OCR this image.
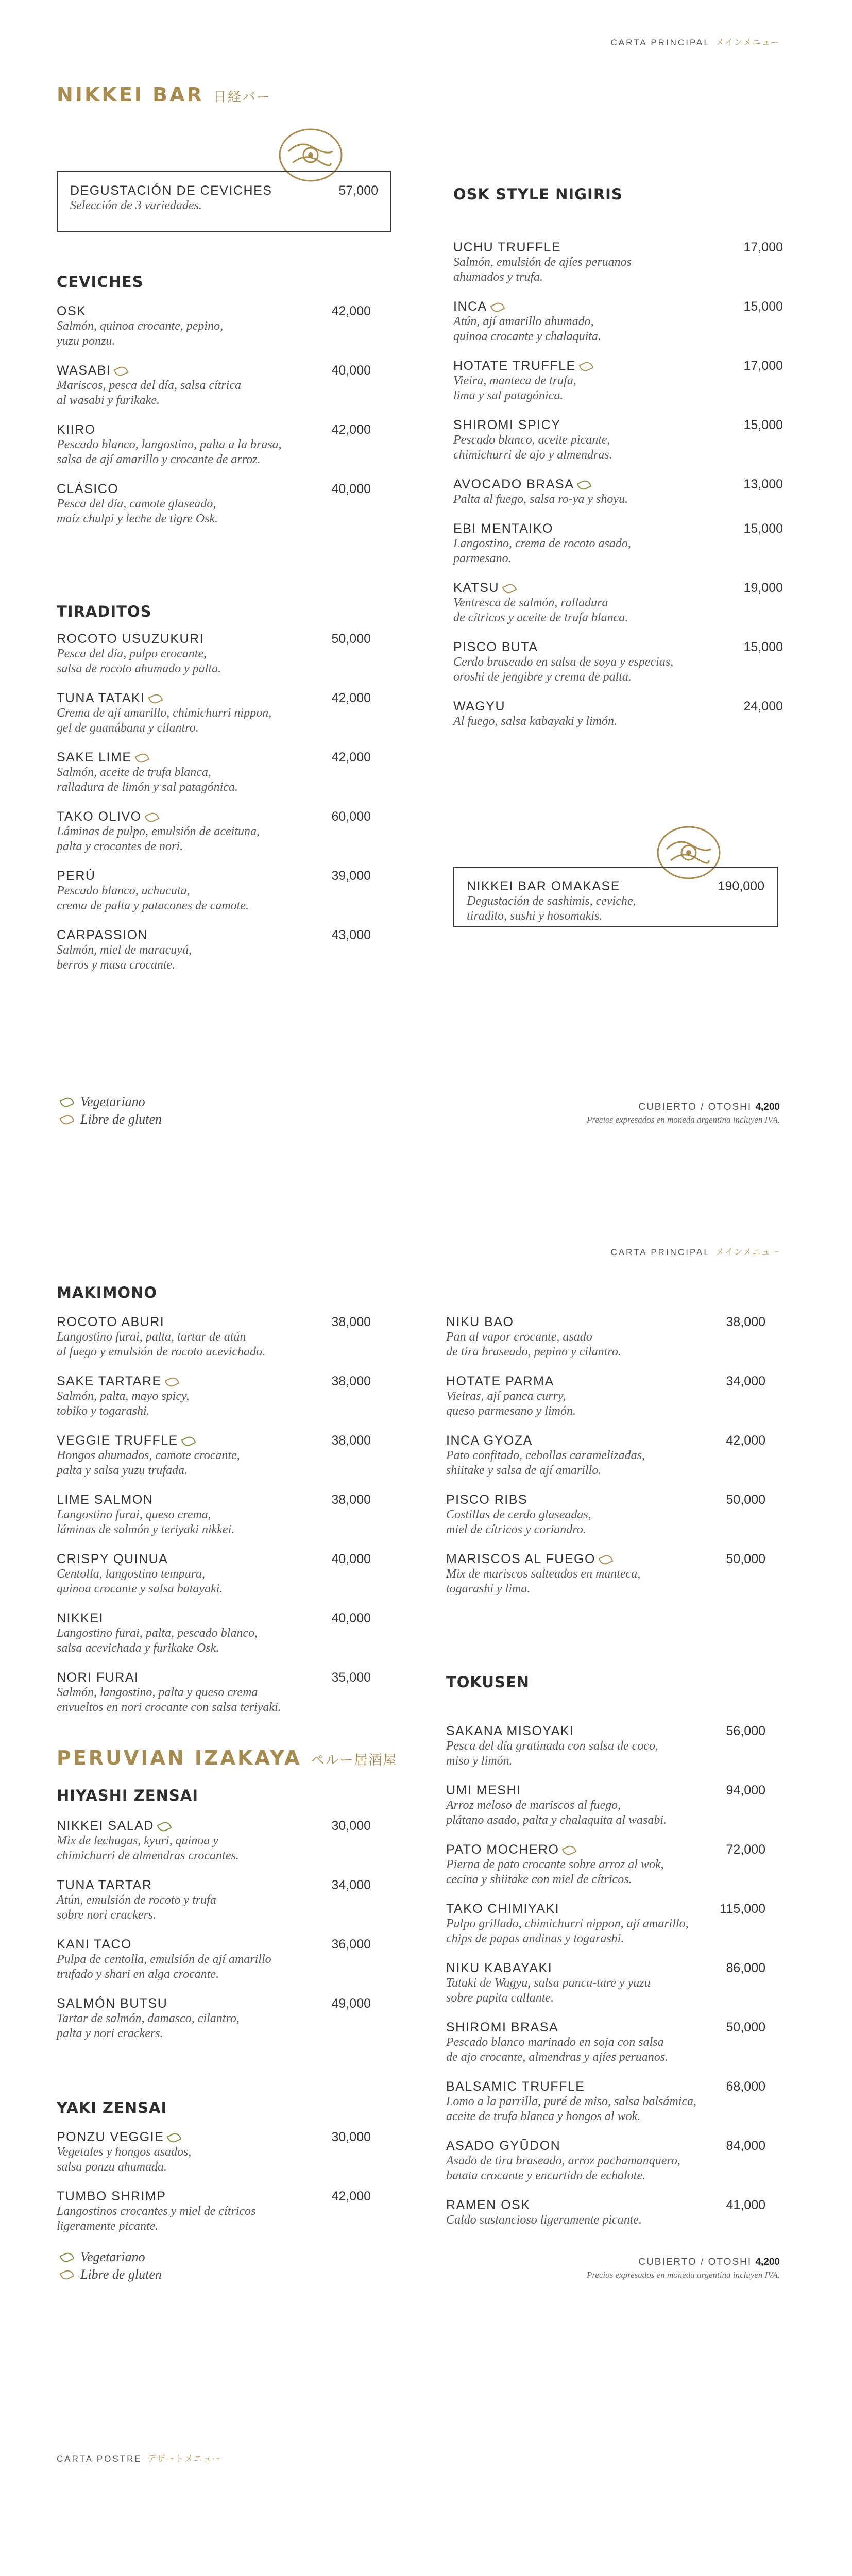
CARTA PRINCIPAL メインメニュー
NIKKEI BAR 日経バー
DEGUSTACIÓN DE CEVICHES
Selección de 3 variedades.
57,000
CEVICHES
OSK	42,000
Salmón, quinoa crocante, pepino,
yuzu ponzu.
WASABI	40,000
Mariscos, pesca del día, salsa cítrica
al wasabi y furikake.
KIIRO	42,000
Pescado blanco, langostino, palta a la brasa,
salsa de ají amarillo y crocante de arroz.
CLÁSICO	40,000
Pesca del día, camote glaseado,
maíz chulpi y leche de tigre Osk.
TIRADITOS
ROCOTO USUZUKURI	50,000
Pesca del día, pulpo crocante,
salsa de rocoto ahumado y palta.
TUNA TATAKI	42,000
Crema de ají amarillo, chimichurri nippon,
gel de guanábana y cilantro.
SAKE LIME	42,000
Salmón, aceite de trufa blanca,
ralladura de limón y sal patagónica.
TAKO OLIVO	60,000
Láminas de pulpo, emulsión de aceituna,
palta y crocantes de nori.
PERÚ	39,000
Pescado blanco, uchucuta,
crema de palta y patacones de camote.
CARPASSION	43,000
Salmón, miel de maracuyá,
berros y masa crocante.
OSK STYLE NIGIRIS
UCHU TRUFFLE	17,000
Salmón, emulsión de ajíes peruanos
ahumados y trufa.
INCA	15,000
Atún, ají amarillo ahumado,
quinoa crocante y chalaquita.
HOTATE TRUFFLE	17,000
Vieira, manteca de trufa,
lima y sal patagónica.
SHIROMI SPICY	15,000
Pescado blanco, aceite picante,
chimichurri de ajo y almendras.
AVOCADO BRASA	13,000
Palta al fuego, salsa ro-ya y shoyu.
EBI MENTAIKO	15,000
Langostino, crema de rocoto asado,
parmesano.
KATSU	19,000
Ventresca de salmón, ralladura
de cítricos y aceite de trufa blanca.
PISCO BUTA	15,000
Cerdo braseado en salsa de soya y especias,
oroshi de jengibre y crema de palta.
WAGYU	24,000
Al fuego, salsa kabayaki y limón.
NIKKEI BAR OMAKASE
Degustación de sashimis, ceviche,
tiradito, sushi y hosomakis.
190,000
Vegetariano
Libre de gluten
CUBIERTO / OTOSHI 4,200
Precios expresados en moneda argentina incluyen IVA.
CARTA PRINCIPAL メインメニュー
MAKIMONO
ROCOTO ABURI	38,000
Langostino furai, palta, tartar de atún
al fuego y emulsión de rocoto acevichado.
SAKE TARTARE	38,000
Salmón, palta, mayo spicy,
tobiko y togarashi.
VEGGIE TRUFFLE	38,000
Hongos ahumados, camote crocante,
palta y salsa yuzu trufada.
LIME SALMON	38,000
Langostino furai, queso crema,
láminas de salmón y teriyaki nikkei.
CRISPY QUINUA	40,000
Centolla, langostino tempura,
quinoa crocante y salsa batayaki.
NIKKEI	40,000
Langostino furai, palta, pescado blanco,
salsa acevichada y furikake Osk.
NORI FURAI	35,000
Salmón, langostino, palta y queso crema
envueltos en nori crocante con salsa teriyaki.
NIKU BAO	38,000
Pan al vapor crocante, asado
de tira braseado, pepino y cilantro.
HOTATE PARMA	34,000
Vieiras, ají panca curry,
queso parmesano y limón.
INCA GYOZA	42,000
Pato confitado, cebollas caramelizadas,
shiitake y salsa de ají amarillo.
PISCO RIBS	50,000
Costillas de cerdo glaseadas,
miel de cítricos y coriandro.
MARISCOS AL FUEGO	50,000
Mix de mariscos salteados en manteca,
togarashi y lima.
PERUVIAN IZAKAYA ペルー居酒屋
HIYASHI ZENSAI
NIKKEI SALAD	30,000
Mix de lechugas, kyuri, quinoa y
chimichurri de almendras crocantes.
TUNA TARTAR	34,000
Atún, emulsión de rocoto y trufa
sobre nori crackers.
KANI TACO	36,000
Pulpa de centolla, emulsión de ají amarillo
trufado y shari en alga crocante.
SALMÓN BUTSU	49,000
Tartar de salmón, damasco, cilantro,
palta y nori crackers.
YAKI ZENSAI
PONZU VEGGIE	30,000
Vegetales y hongos asados,
salsa ponzu ahumada.
TUMBO SHRIMP	42,000
Langostinos crocantes y miel de cítricos
ligeramente picante.
TOKUSEN
SAKANA MISOYAKI	56,000
Pesca del día gratinada con salsa de coco,
miso y limón.
UMI MESHI	94,000
Arroz meloso de mariscos al fuego,
plátano asado, palta y chalaquita al wasabi.
PATO MOCHERO	72,000
Pierna de pato crocante sobre arroz al wok,
cecina y shiitake con miel de cítricos.
TAKO CHIMIYAKI	115,000
Pulpo grillado, chimichurri nippon, ají amarillo,
chips de papas andinas y togarashi.
NIKU KABAYAKI	86,000
Tataki de Wagyu, salsa panca-tare y yuzu
sobre papita callante.
SHIROMI BRASA	50,000
Pescado blanco marinado en soja con salsa
de ajo crocante, almendras y ajíes peruanos.
BALSAMIC TRUFFLE	68,000
Lomo a la parrilla, puré de miso, salsa balsámica,
aceite de trufa blanca y hongos al wok.
ASADO GYŪDON	84,000
Asado de tira braseado, arroz pachamanquero,
batata crocante y encurtido de echalote.
RAMEN OSK	41,000
Caldo sustancioso ligeramente picante.
Vegetariano
Libre de gluten
CUBIERTO / OTOSHI 4,200
Precios expresados en moneda argentina incluyen IVA.
CARTA POSTRE デザートメニュー
